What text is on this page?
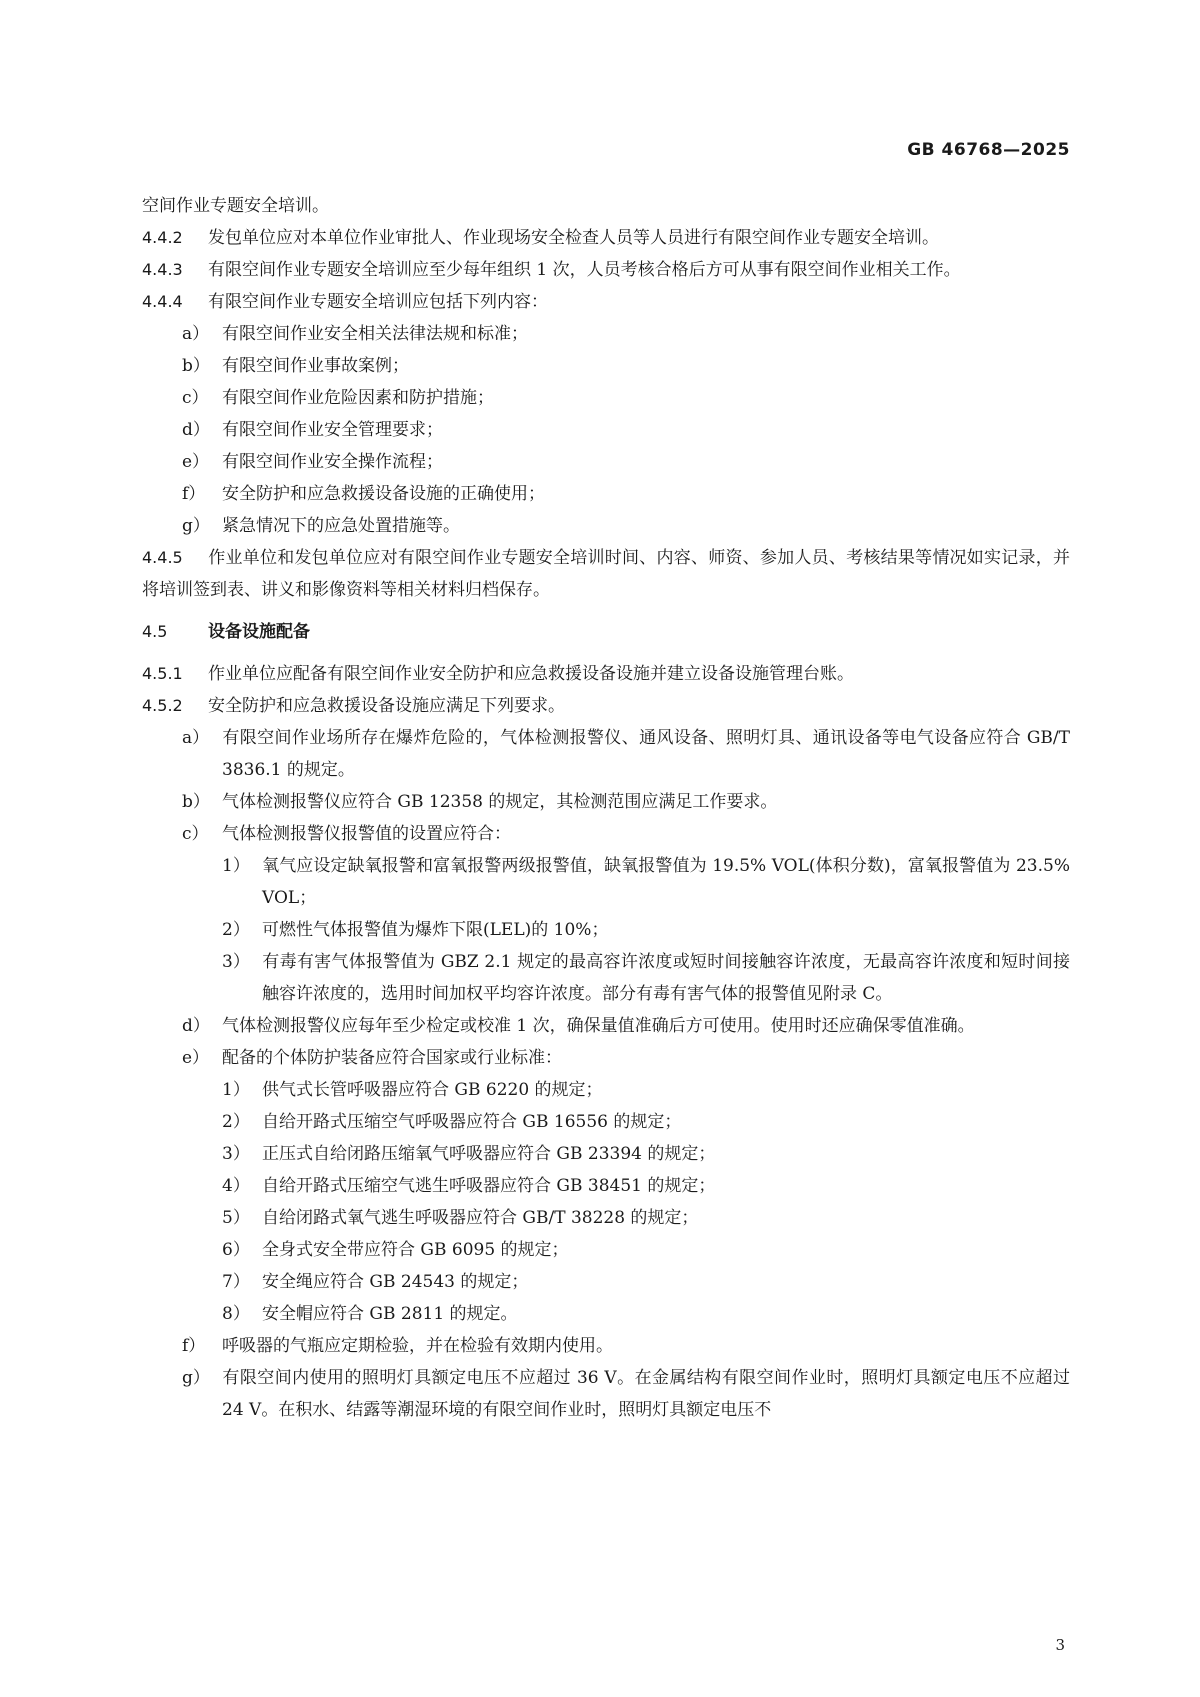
GB 46768—2025
空间作业专题安全培训。
4.4.2 发包单位应对本单位作业审批人、作业现场安全检查人员等人员进行有限空间作业专题安全培训。
4.4.3 有限空间作业专题安全培训应至少每年组织 1 次，人员考核合格后方可从事有限空间作业相关工作。
4.4.4 有限空间作业专题安全培训应包括下列内容：
a） 有限空间作业安全相关法律法规和标准；
b） 有限空间作业事故案例；
c） 有限空间作业危险因素和防护措施；
d） 有限空间作业安全管理要求；
e） 有限空间作业安全操作流程；
f） 安全防护和应急救援设备设施的正确使用；
g） 紧急情况下的应急处置措施等。
4.4.5 作业单位和发包单位应对有限空间作业专题安全培训时间、内容、师资、参加人员、考核结果等情况如实记录，并将培训签到表、讲义和影像资料等相关材料归档保存。
4.5 设备设施配备
4.5.1 作业单位应配备有限空间作业安全防护和应急救援设备设施并建立设备设施管理台账。
4.5.2 安全防护和应急救援设备设施应满足下列要求。
a） 有限空间作业场所存在爆炸危险的，气体检测报警仪、通风设备、照明灯具、通讯设备等电气设备应符合 GB/T 3836.1 的规定。
b） 气体检测报警仪应符合 GB 12358 的规定，其检测范围应满足工作要求。
c） 气体检测报警仪报警值的设置应符合：
1） 氧气应设定缺氧报警和富氧报警两级报警值，缺氧报警值为 19.5% VOL(体积分数)，富氧报警值为 23.5% VOL；
2） 可燃性气体报警值为爆炸下限(LEL)的 10%；
3） 有毒有害气体报警值为 GBZ 2.1 规定的最高容许浓度或短时间接触容许浓度，无最高容许浓度和短时间接触容许浓度的，选用时间加权平均容许浓度。部分有毒有害气体的报警值见附录 C。
d） 气体检测报警仪应每年至少检定或校准 1 次，确保量值准确后方可使用。使用时还应确保零值准确。
e） 配备的个体防护装备应符合国家或行业标准：
1） 供气式长管呼吸器应符合 GB 6220 的规定；
2） 自给开路式压缩空气呼吸器应符合 GB 16556 的规定；
3） 正压式自给闭路压缩氧气呼吸器应符合 GB 23394 的规定；
4） 自给开路式压缩空气逃生呼吸器应符合 GB 38451 的规定；
5） 自给闭路式氧气逃生呼吸器应符合 GB/T 38228 的规定；
6） 全身式安全带应符合 GB 6095 的规定；
7） 安全绳应符合 GB 24543 的规定；
8） 安全帽应符合 GB 2811 的规定。
f） 呼吸器的气瓶应定期检验，并在检验有效期内使用。
g） 有限空间内使用的照明灯具额定电压不应超过 36 V。在金属结构有限空间作业时，照明灯具额定电压不应超过 24 V。在积水、结露等潮湿环境的有限空间作业时，照明灯具额定电压不
3
